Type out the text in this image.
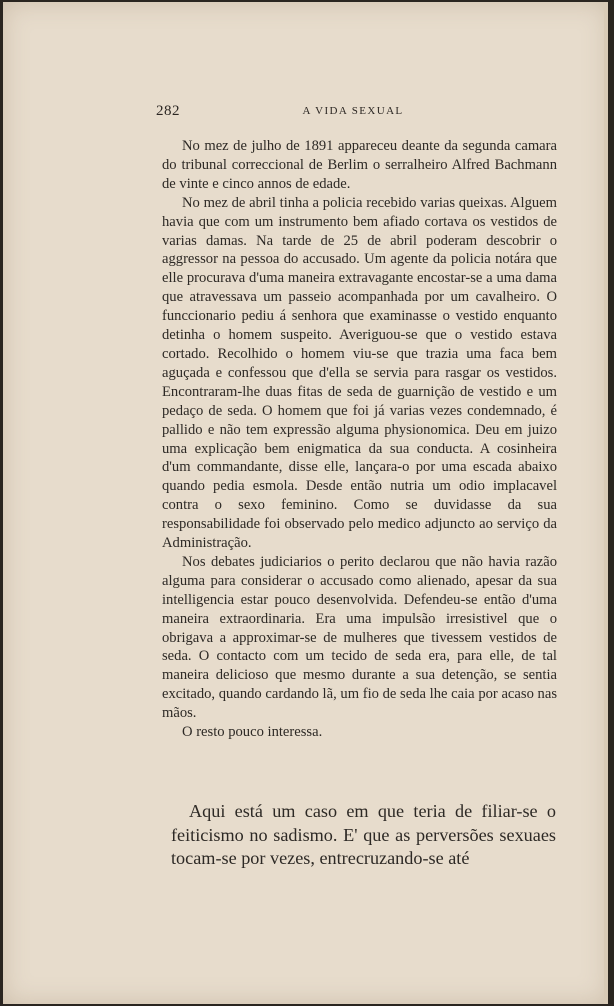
282	A VIDA SEXUAL

No mez de julho de 1891 appareceu deante da segunda camara do tribunal correccional de Berlim o serralheiro Alfred Bachmann de vinte e cinco annos de edade.

No mez de abril tinha a policia recebido varias queixas. Alguem havia que com um instrumento bem afiado cortava os vestidos de varias damas. Na tarde de 25 de abril poderam descobrir o aggressor na pessoa do accusado. Um agente da policia notára que elle procurava d'uma maneira extravagante encostar-se a uma dama que atravessava um passeio acompanhada por um cavalheiro. O funccionario pediu á senhora que examinasse o vestido enquanto detinha o homem suspeito. Averiguou-se que o vestido estava cortado. Recolhido o homem viu-se que trazia uma faca bem aguçada e confessou que d'ella se servia para rasgar os vestidos. Encontraram-lhe duas fitas de seda de guarnição de vestido e um pedaço de seda. O homem que foi já varias vezes condemnado, é pallido e não tem expressão alguma physionomica. Deu em juizo uma explicação bem enigmatica da sua conducta. A cosinheira d'um commandante, disse elle, lançara-o por uma escada abaixo quando pedia esmola. Desde então nutria um odio implacavel contra o sexo feminino. Como se duvidasse da sua responsabilidade foi observado pelo medico adjuncto ao serviço da Administração.

Nos debates judiciarios o perito declarou que não havia razão alguma para considerar o accusado como alienado, apesar da sua intelligencia estar pouco desenvolvida. Defendeu-se então d'uma maneira extraordinaria. Era uma impulsão irresistivel que o obrigava a approximar-se de mulheres que tivessem vestidos de seda. O contacto com um tecido de seda era, para elle, de tal maneira delicioso que mesmo durante a sua detenção, se sentia excitado, quando cardando lã, um fio de seda lhe caia por acaso nas mãos.

O resto pouco interessa.

Aqui está um caso em que teria de filiar-se o feiticismo no sadismo. E' que as perversões sexuaes tocam-se por vezes, entrecruzando-se até
